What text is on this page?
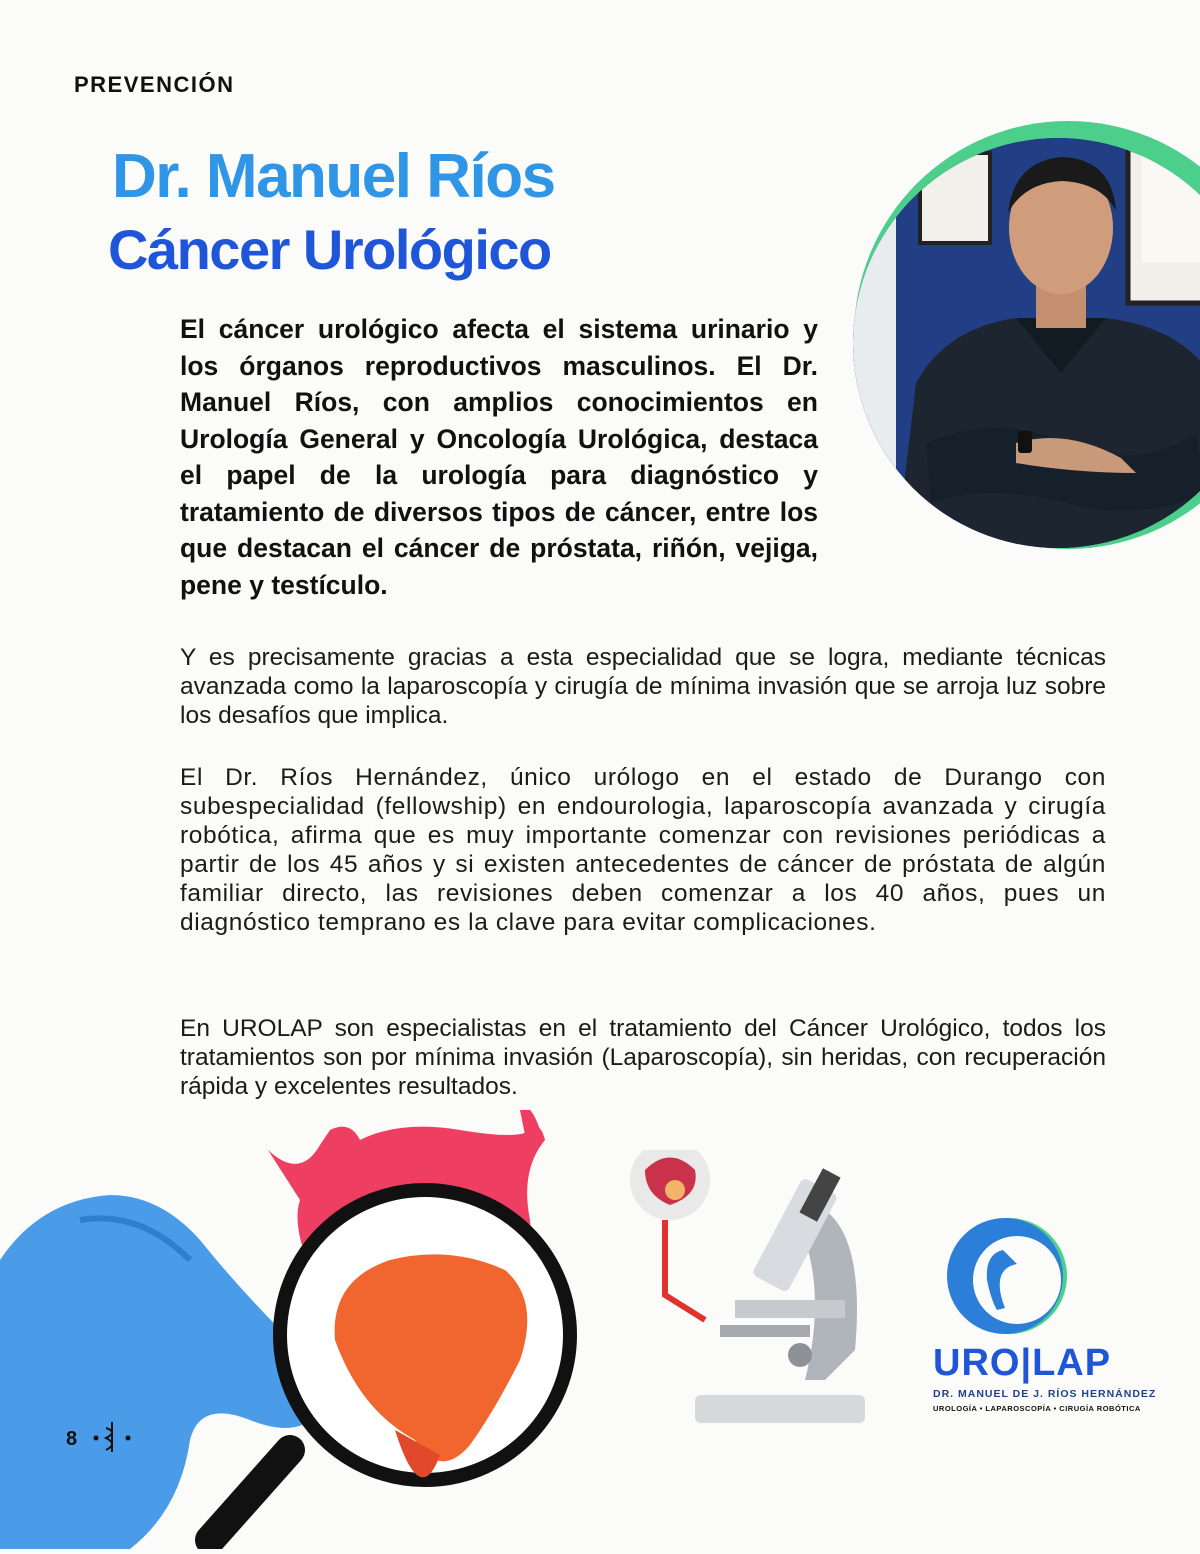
PREVENCIÓN
Dr. Manuel Ríos
Cáncer Urológico
El cáncer urológico afecta el sistema urinario y los órganos reproductivos masculinos. El Dr. Manuel Ríos, con amplios conocimientos en Urología General y Oncología Urológica, destaca el papel de la urología para diagnóstico y tratamiento de diversos tipos de cáncer, entre los que destacan el cáncer de próstata, riñón, vejiga, pene y testículo.
Y es precisamente gracias a esta especialidad que se logra, mediante técnicas avanzada como la laparoscopía y cirugía de mínima invasión que se arroja luz sobre los desafíos que implica.
El Dr. Ríos Hernández, único urólogo en el estado de Durango con subespecialidad (fellowship) en endourologia, laparoscopía avanzada y cirugía robótica, afirma que es muy importante comenzar con revisiones periódicas a partir de los 45 años y si existen antecedentes de cáncer de próstata de algún familiar directo, las revisiones deben comenzar a los 40 años, pues un diagnóstico temprano es la clave para evitar complicaciones.
En UROLAP son especialistas en el tratamiento del Cáncer Urológico, todos los tratamientos son por mínima invasión (Laparoscopía), sin heridas, con recuperación rápida y excelentes resultados.
URO|LAP
DR. MANUEL DE J. RÍOS HERNÁNDEZ
UROLOGÍA • LAPAROSCOPÍA • CIRUGÍA ROBÓTICA
8
